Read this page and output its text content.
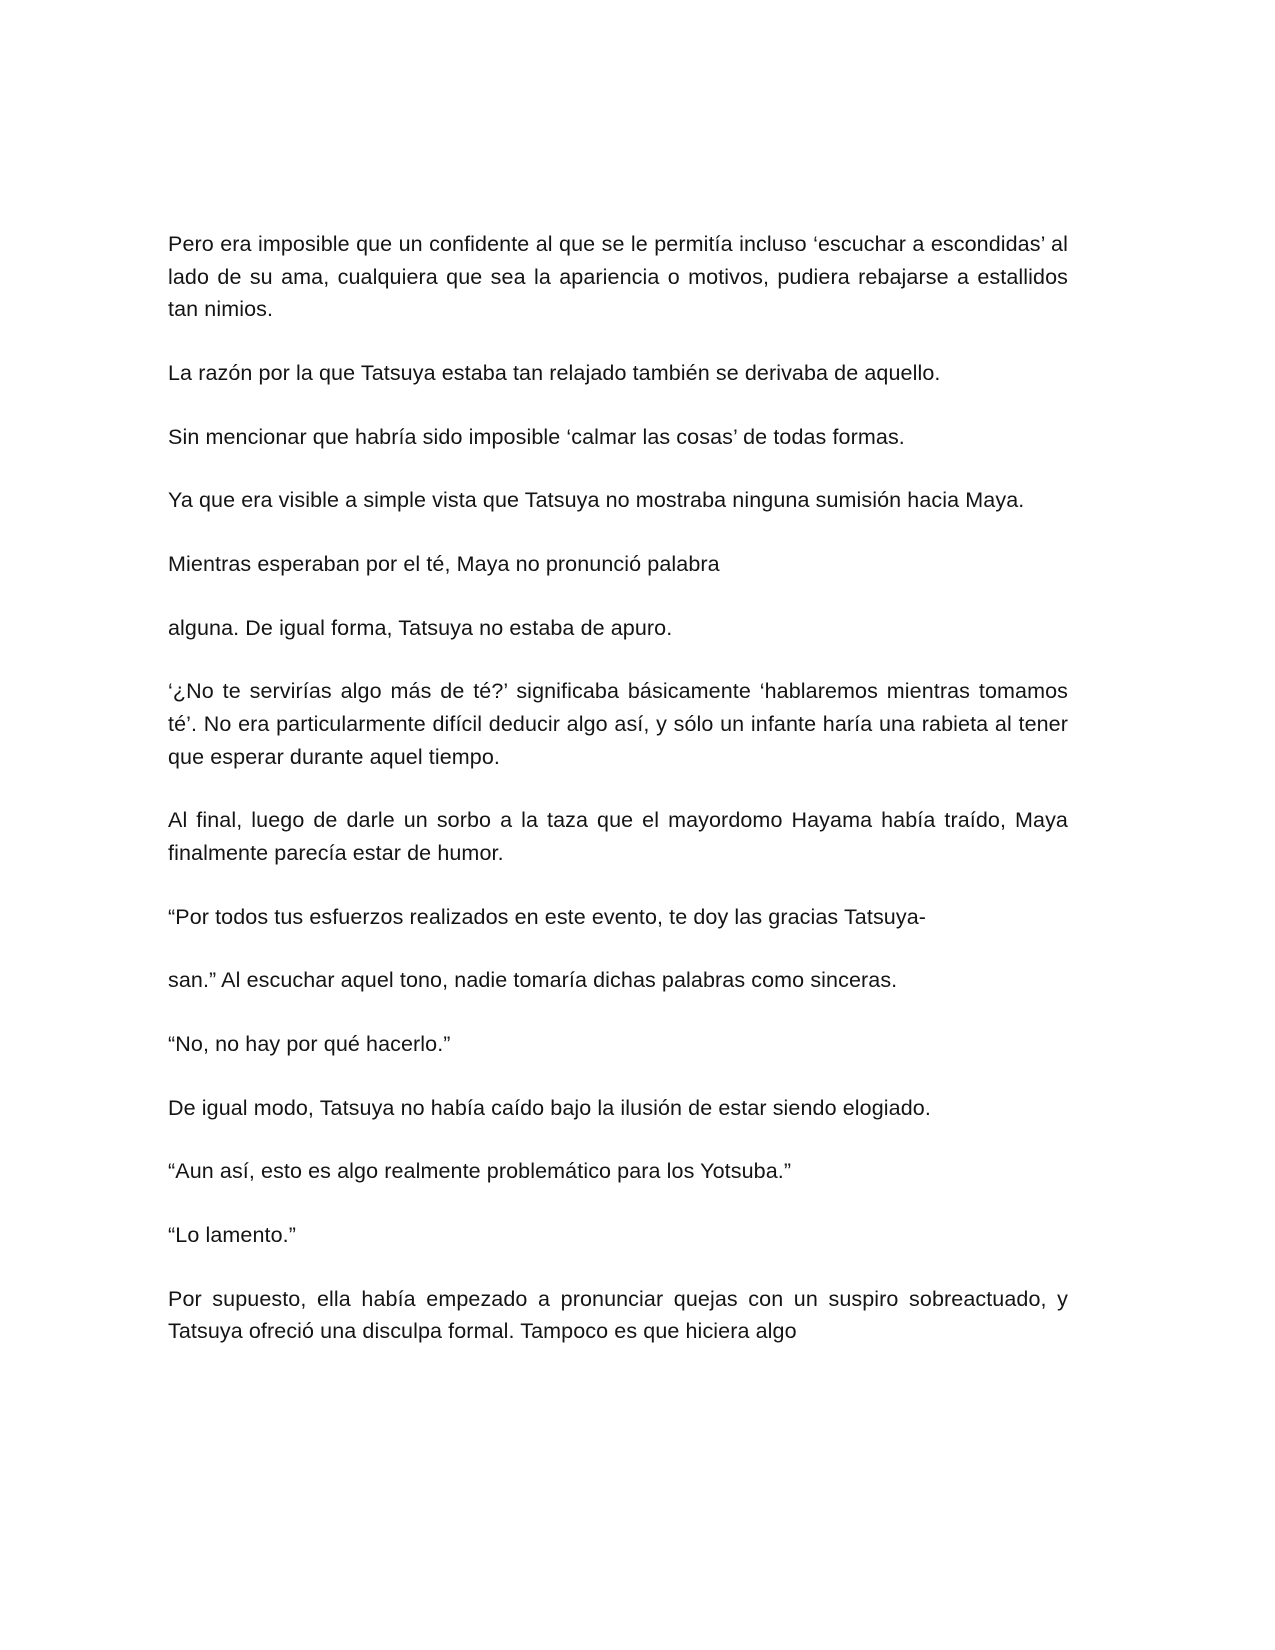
Pero era imposible que un confidente al que se le permitía incluso ‘escuchar a escondidas’ al lado de su ama, cualquiera que sea la apariencia o motivos, pudiera rebajarse a estallidos tan nimios.

La razón por la que Tatsuya estaba tan relajado también se derivaba de aquello.

Sin mencionar que habría sido imposible ‘calmar las cosas’ de todas formas.

Ya que era visible a simple vista que Tatsuya no mostraba ninguna sumisión hacia Maya.

Mientras esperaban por el té, Maya no pronunció palabra

alguna. De igual forma, Tatsuya no estaba de apuro.

‘¿No te servirías algo más de té?’ significaba básicamente ‘hablaremos mientras tomamos té’. No era particularmente difícil deducir algo así, y sólo un infante haría una rabieta al tener que esperar durante aquel tiempo.

Al final, luego de darle un sorbo a la taza que el mayordomo Hayama había traído, Maya finalmente parecía estar de humor.

“Por todos tus esfuerzos realizados en este evento, te doy las gracias Tatsuya-

san.” Al escuchar aquel tono, nadie tomaría dichas palabras como sinceras.

“No, no hay por qué hacerlo.”

De igual modo, Tatsuya no había caído bajo la ilusión de estar siendo elogiado.

“Aun así, esto es algo realmente problemático para los Yotsuba.”

“Lo lamento.”

Por supuesto, ella había empezado a pronunciar quejas con un suspiro sobreactuado, y Tatsuya ofreció una disculpa formal. Tampoco es que hiciera algo
